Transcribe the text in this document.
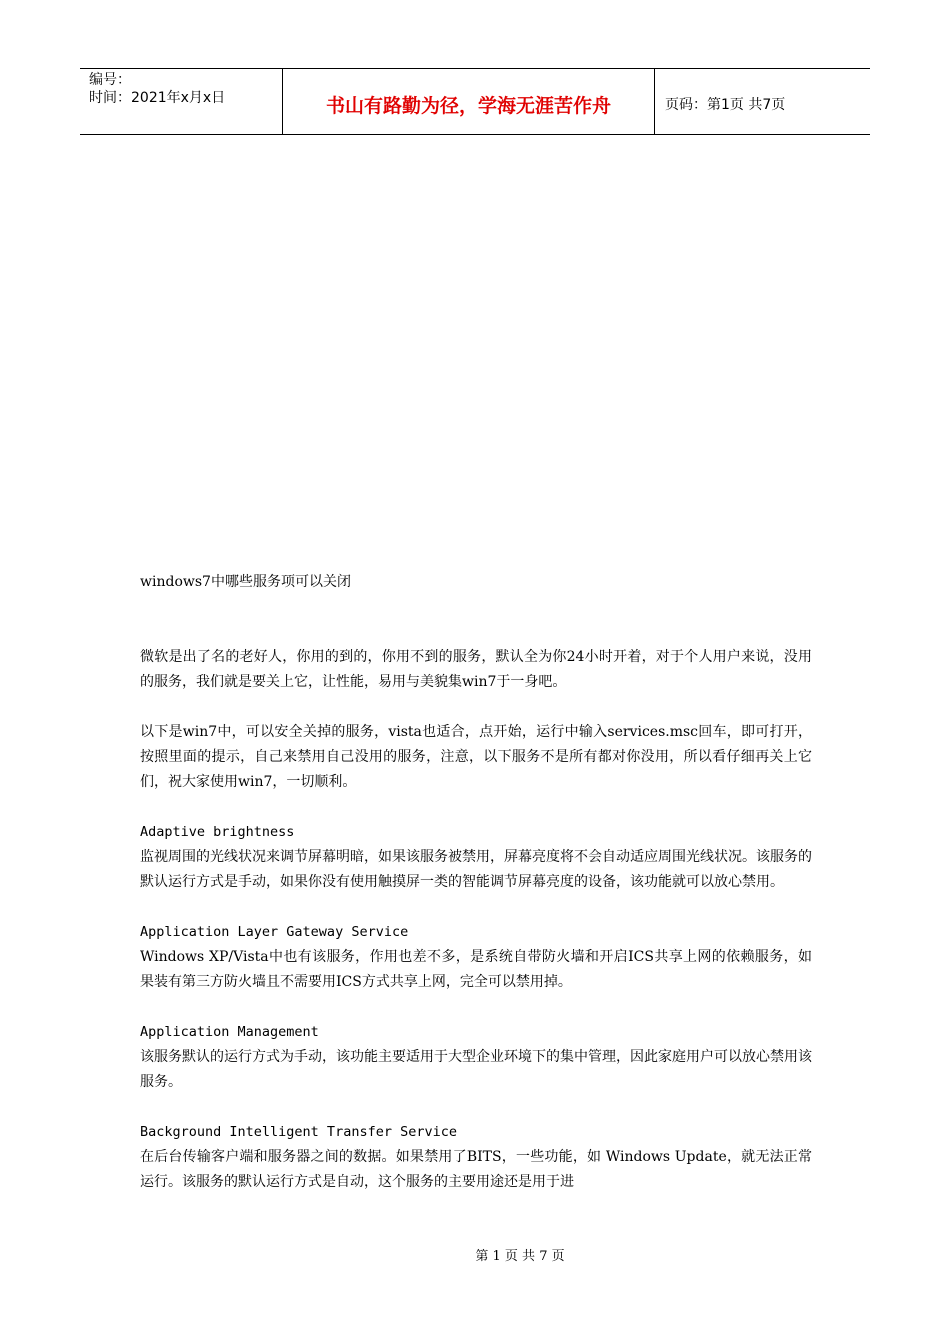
编号：
时间：2021年x月x日	书山有路勤为径，学海无涯苦作舟	页码：第1页 共7页

windows7中哪些服务项可以关闭

微软是出了名的老好人，你用的到的，你用不到的服务，默认全为你24小时开着，对于个人用户来说，没用的服务，我们就是要关上它，让性能，易用与美貌集win7于一身吧。

以下是win7中，可以安全关掉的服务，vista也适合，点开始，运行中输入services.msc回车，即可打开，按照里面的提示，自己来禁用自己没用的服务，注意，以下服务不是所有都对你没用，所以看仔细再关上它们，祝大家使用win7，一切顺利。

Adaptive brightness

监视周围的光线状况来调节屏幕明暗，如果该服务被禁用，屏幕亮度将不会自动适应周围光线状况。该服务的默认运行方式是手动，如果你没有使用触摸屏一类的智能调节屏幕亮度的设备，该功能就可以放心禁用。

Application Layer Gateway Service

Windows XP/Vista中也有该服务，作用也差不多，是系统自带防火墙和开启ICS共享上网的依赖服务，如果装有第三方防火墙且不需要用ICS方式共享上网，完全可以禁用掉。

Application Management

该服务默认的运行方式为手动，该功能主要适用于大型企业环境下的集中管理，因此家庭用户可以放心禁用该服务。

Background Intelligent Transfer Service

在后台传输客户端和服务器之间的数据。如果禁用了BITS，一些功能，如 Windows Update，就无法正常运行。该服务的默认运行方式是自动，这个服务的主要用途还是用于进

第 1 页 共 7 页
